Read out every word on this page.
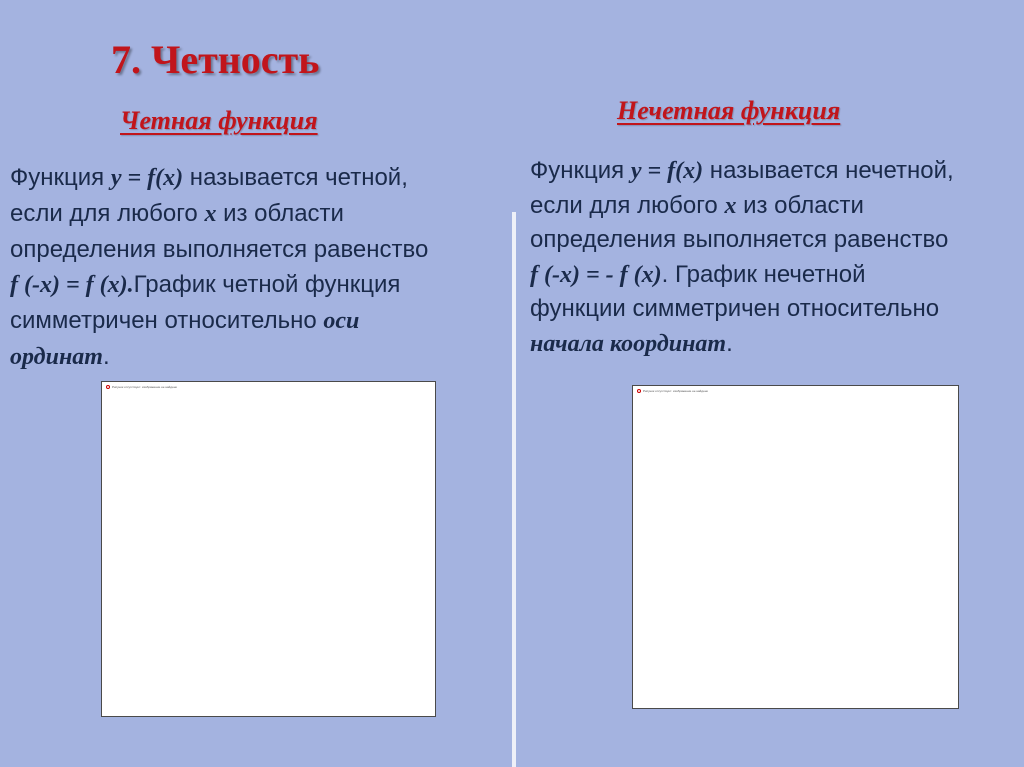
7. Четность
Четная функция	Нечетная функция
Функция у = f(x) называется четной,
если для любого x из области
определения выполняется равенство
f (-x) = f (x).График четной функция
симметричен относительно оси
ординат.
Функция у = f(x) называется нечетной,
если для любого x из области
определения выполняется равенство
f (-x) = - f (x). График нечетной
функции симметричен относительно
начала координат.
Рисунок отсутствует: изображение не найдено
Рисунок отсутствует: изображение не найдено
